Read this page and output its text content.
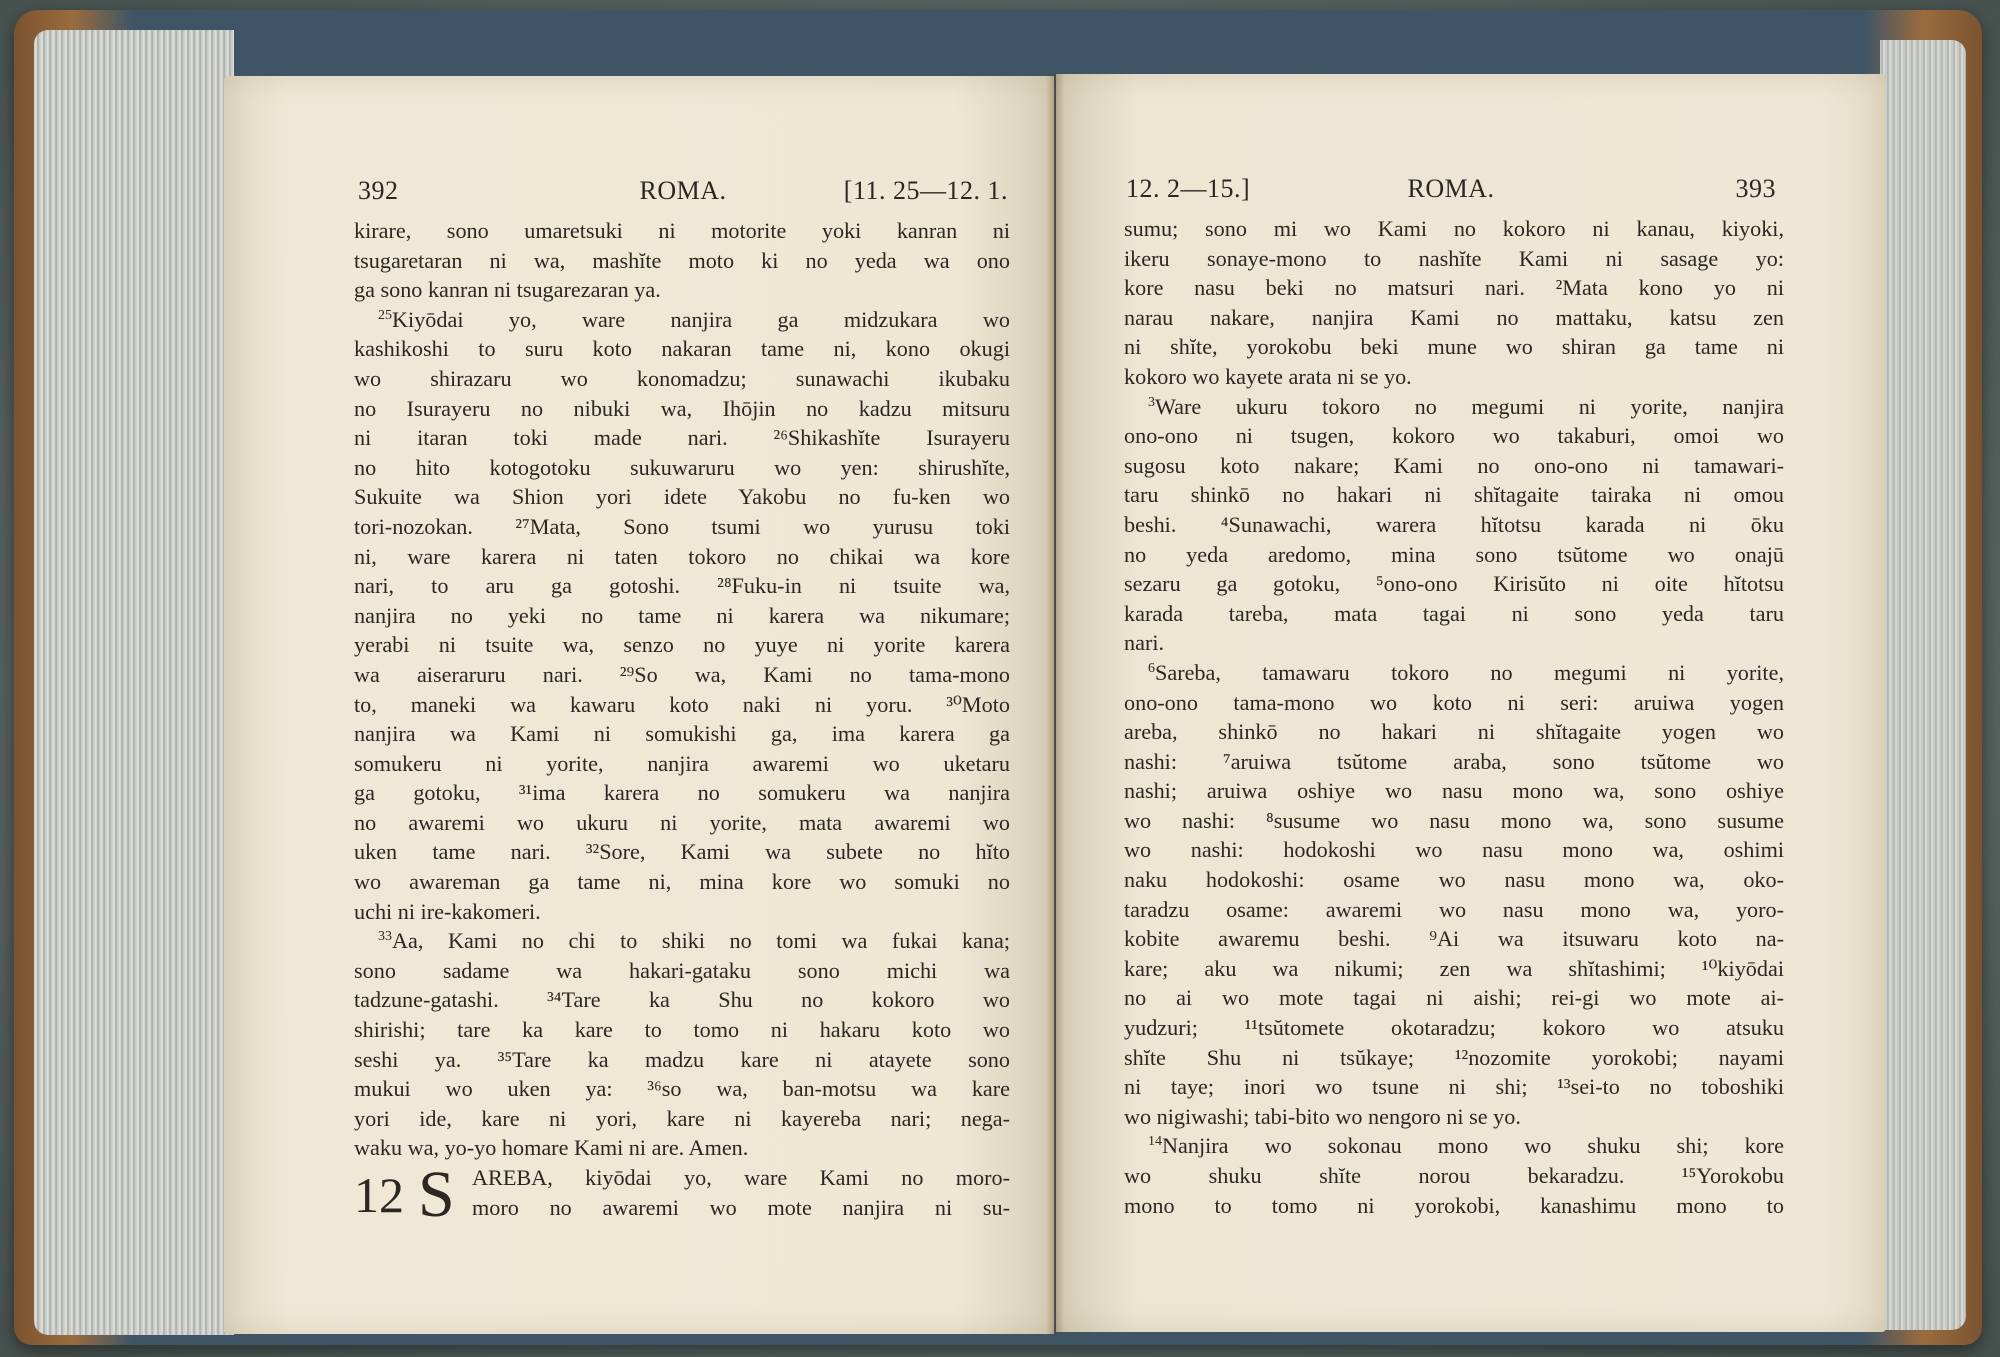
392	ROMA.	[11. 25—12. 1.
kirare, sono umaretsuki ni motorite yoki kanran ni
tsugaretaran ni wa, mashĭte moto ki no yeda wa ono
ga sono kanran ni tsugarezaran ya.
$^{25}$Kiyōdai yo, ware nanjira ga midzukara wo
kashikoshi to suru koto nakaran tame ni, kono okugi
wo shirazaru wo konomadzu; sunawachi ikubaku
no Isurayeru no nibuki wa, Ihōjin no kadzu mitsuru
ni itaran toki made nari. ²⁶Shikashĭte Isurayeru
no hito kotogotoku sukuwaruru wo yen: shirushĭte,
Sukuite wa Shion yori idete Yakobu no fu-ken wo
tori-nozokan. ²⁷Mata, Sono tsumi wo yurusu toki
ni, ware karera ni taten tokoro no chikai wa kore
nari, to aru ga gotoshi. ²⁸Fuku-in ni tsuite wa,
nanjira no yeki no tame ni karera wa nikumare;
yerabi ni tsuite wa, senzo no yuye ni yorite karera
wa aiseraruru nari. ²⁹So wa, Kami no tama-mono
to, maneki wa kawaru koto naki ni yoru. ³⁰Moto
nanjira wa Kami ni somukishi ga, ima karera ga
somukeru ni yorite, nanjira awaremi wo uketaru
ga gotoku, ³¹ima karera no somukeru wa nanjira
no awaremi wo ukuru ni yorite, mata awaremi wo
uken tame nari. ³²Sore, Kami wa subete no hĭto
wo awareman ga tame ni, mina kore wo somuki no
uchi ni ire-kakomeri.
$^{33}$Aa, Kami no chi to shiki no tomi wa fukai kana;
sono sadame wa hakari-gataku sono michi wa
tadzune-gatashi. ³⁴Tare ka Shu no kokoro wo
shirishi; tare ka kare to tomo ni hakaru koto wo
seshi ya. ³⁵Tare ka madzu kare ni atayete sono
mukui wo uken ya: ³⁶so wa, ban-motsu wa kare
yori ide, kare ni yori, kare ni kayereba nari; nega-
waku wa, yo-yo homare Kami ni are. Amen.
12 S AREBA, kiyōdai yo, ware Kami no moro-
moro no awaremi wo mote nanjira ni su-
12. 2—15.]	ROMA.	393
sumu; sono mi wo Kami no kokoro ni kanau, kiyoki,
ikeru sonaye-mono to nashĭte Kami ni sasage yo:
kore nasu beki no matsuri nari. ²Mata kono yo ni
narau nakare, nanjira Kami no mattaku, katsu zen
ni shĭte, yorokobu beki mune wo shiran ga tame ni
kokoro wo kayete arata ni se yo.
$^3$Ware ukuru tokoro no megumi ni yorite, nanjira
ono-ono ni tsugen, kokoro wo takaburi, omoi wo
sugosu koto nakare; Kami no ono-ono ni tamawari-
taru shinkō no hakari ni shĭtagaite tairaka ni omou
beshi. ⁴Sunawachi, warera hĭtotsu karada ni ōku
no yeda aredomo, mina sono tsŭtome wo onajū
sezaru ga gotoku, ⁵ono-ono Kirisŭto ni oite hĭtotsu
karada tareba, mata tagai ni sono yeda taru
nari.
$^6$Sareba, tamawaru tokoro no megumi ni yorite,
ono-ono tama-mono wo koto ni seri: aruiwa yogen
areba, shinkō no hakari ni shĭtagaite yogen wo
nashi: ⁷aruiwa tsŭtome araba, sono tsŭtome wo
nashi; aruiwa oshiye wo nasu mono wa, sono oshiye
wo nashi: ⁸susume wo nasu mono wa, sono susume
wo nashi: hodokoshi wo nasu mono wa, oshimi
naku hodokoshi: osame wo nasu mono wa, oko-
taradzu osame: awaremi wo nasu mono wa, yoro-
kobite awaremu beshi. ⁹Ai wa itsuwaru koto na-
kare; aku wa nikumi; zen wa shĭtashimi; ¹⁰kiyōdai
no ai wo mote tagai ni aishi; rei-gi wo mote ai-
yudzuri; ¹¹tsŭtomete okotaradzu; kokoro wo atsuku
shĭte Shu ni tsŭkaye; ¹²nozomite yorokobi; nayami
ni taye; inori wo tsune ni shi; ¹³sei-to no toboshiki
wo nigiwashi; tabi-bito wo nengoro ni se yo.
$^{14}$Nanjira wo sokonau mono wo shuku shi; kore
wo shuku shĭte norou bekaradzu. ¹⁵Yorokobu
mono to tomo ni yorokobi, kanashimu mono to
